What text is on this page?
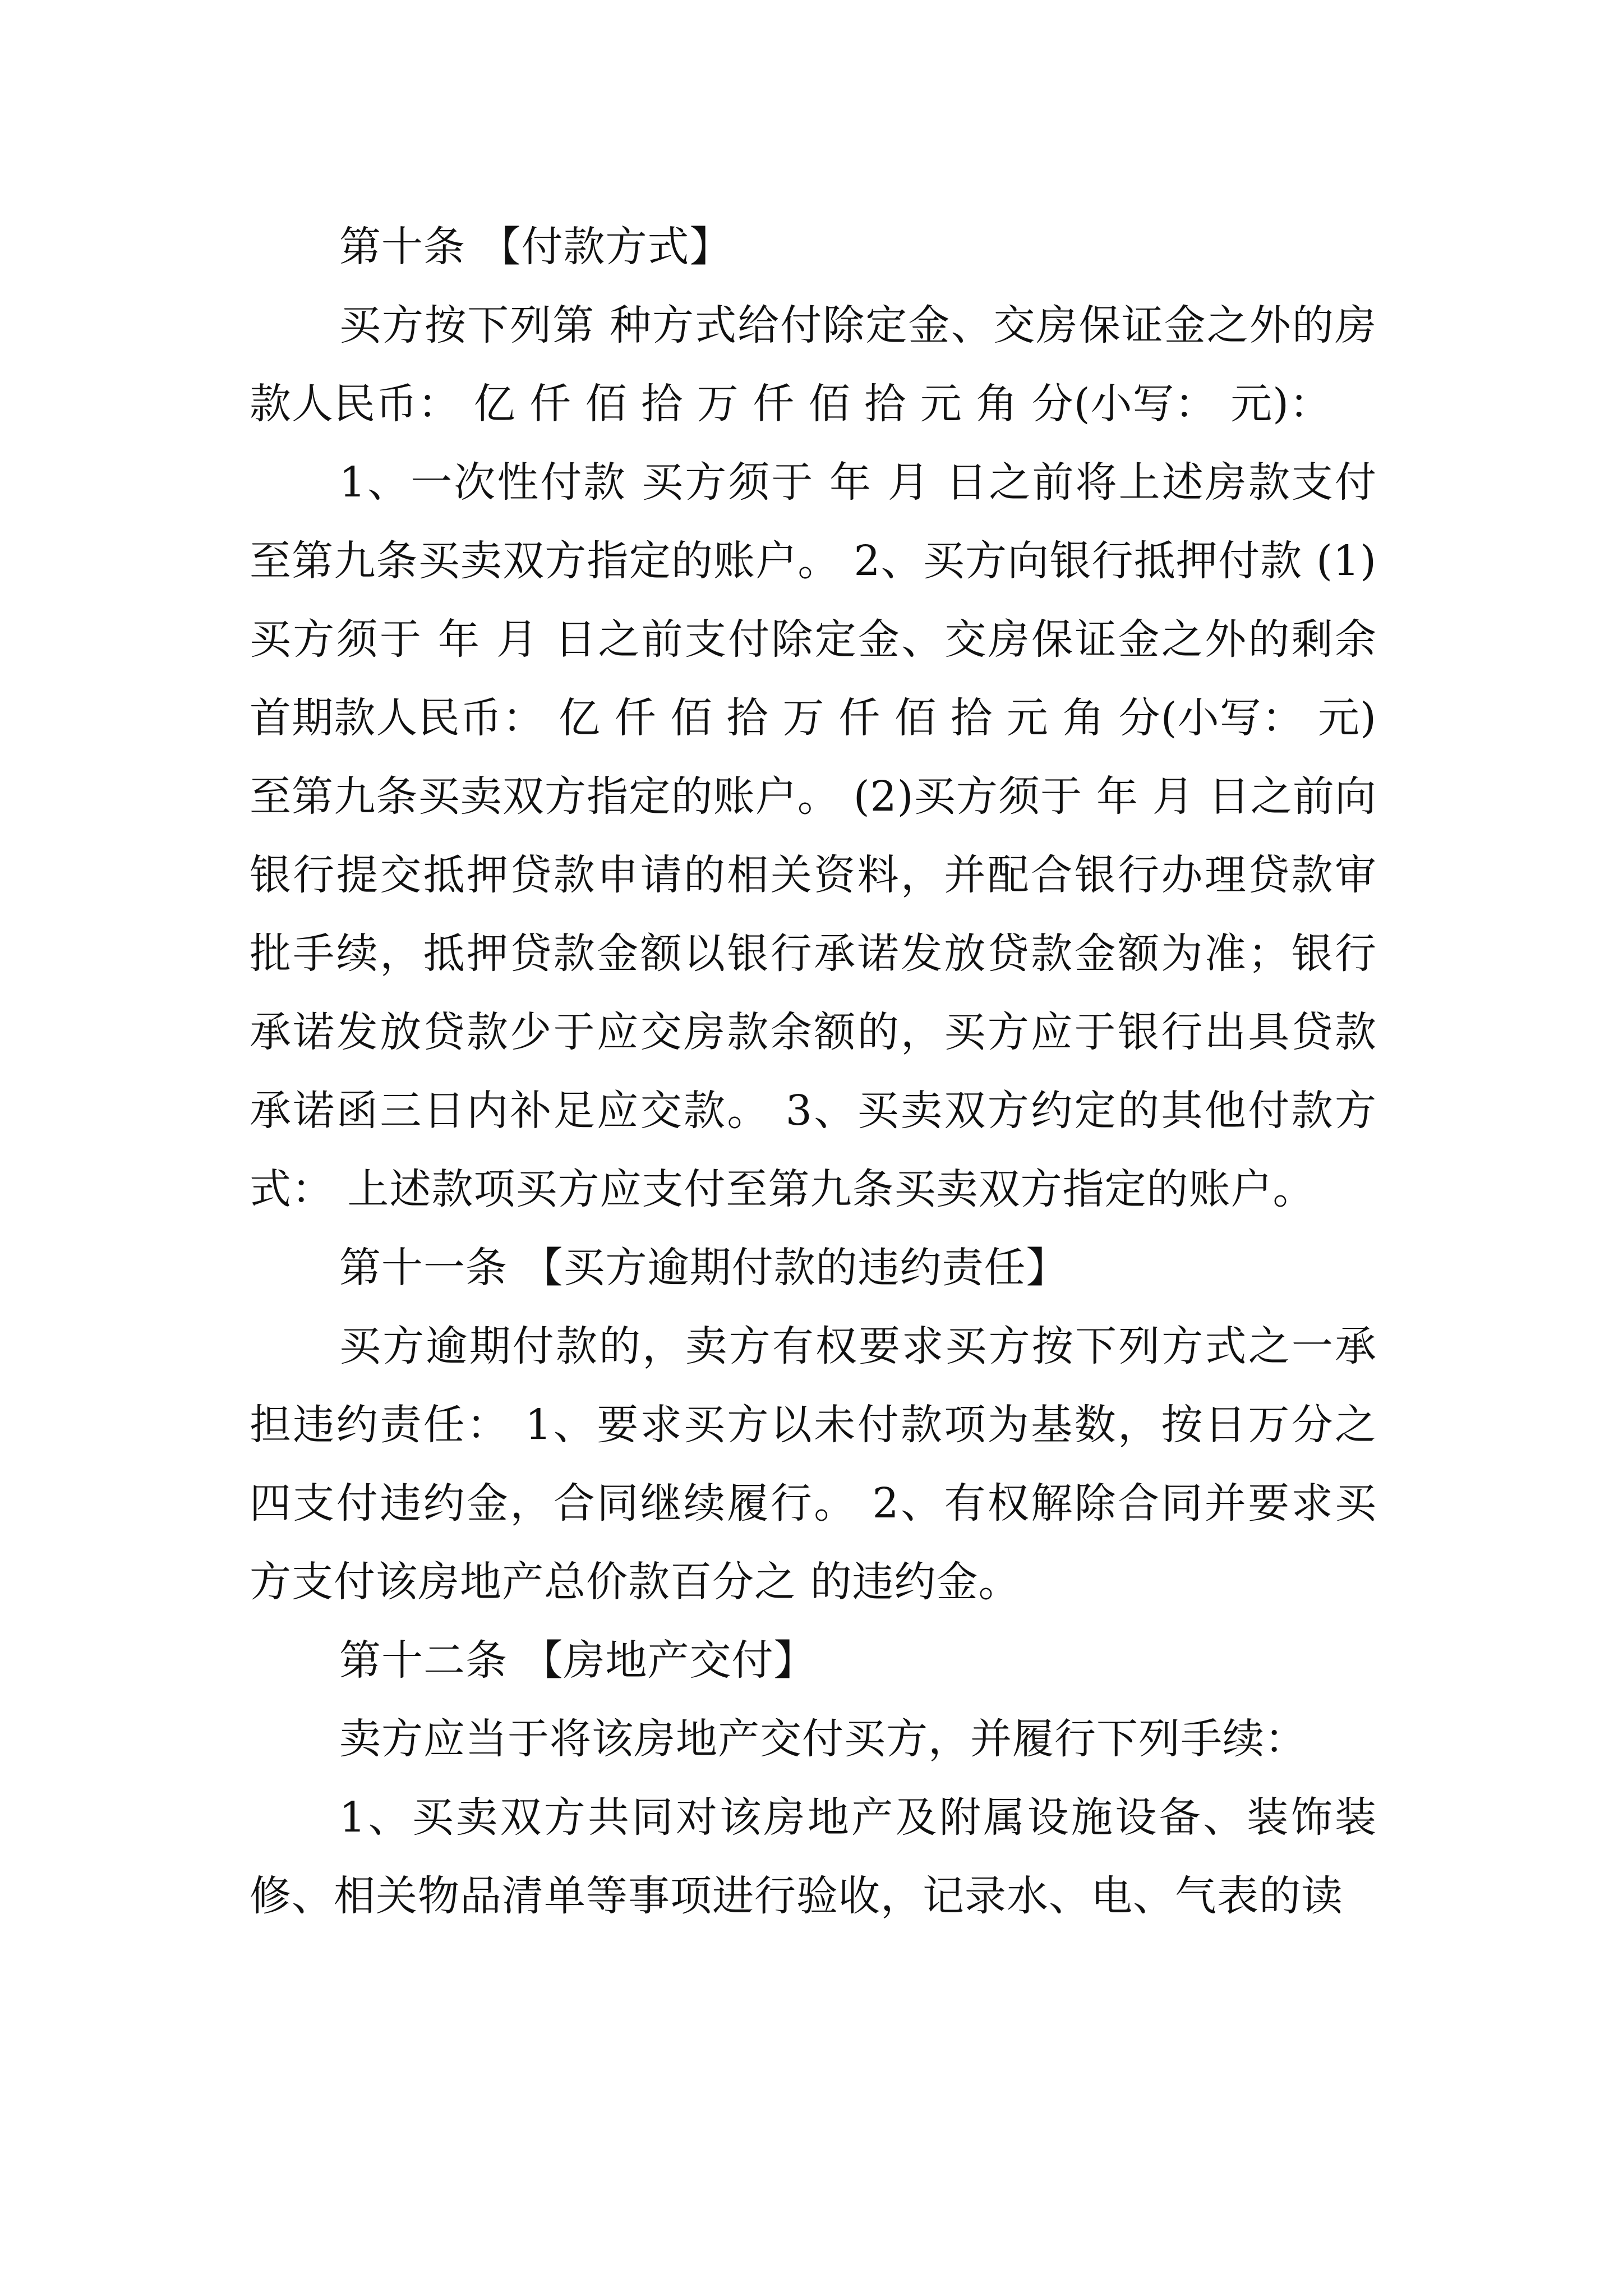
第十条 【付款方式】

买方按下列第 种方式给付除定金、交房保证金之外的房款人民币： 亿 仟 佰 拾 万 仟 佰 拾 元 角 分(小写： 元)：

1、一次性付款 买方须于 年 月 日之前将上述房款支付至第九条买卖双方指定的账户。 2、买方向银行抵押付款 (1)买方须于 年 月 日之前支付除定金、交房保证金之外的剩余首期款人民币： 亿 仟 佰 拾 万 仟 佰 拾 元 角 分(小写： 元)至第九条买卖双方指定的账户。 (2)买方须于 年 月 日之前向银行提交抵押贷款申请的相关资料，并配合银行办理贷款审批手续，抵押贷款金额以银行承诺发放贷款金额为准；银行承诺发放贷款少于应交房款余额的，买方应于银行出具贷款承诺函三日内补足应交款。 3、买卖双方约定的其他付款方式： 上述款项买方应支付至第九条买卖双方指定的账户。

第十一条 【买方逾期付款的违约责任】

买方逾期付款的，卖方有权要求买方按下列方式之一承担违约责任： 1、要求买方以未付款项为基数，按日万分之四支付违约金，合同继续履行。 2、有权解除合同并要求买方支付该房地产总价款百分之 的违约金。

第十二条 【房地产交付】

卖方应当于将该房地产交付买方，并履行下列手续：

1、买卖双方共同对该房地产及附属设施设备、装饰装修、相关物品清单等事项进行验收，记录水、电、气表的读
